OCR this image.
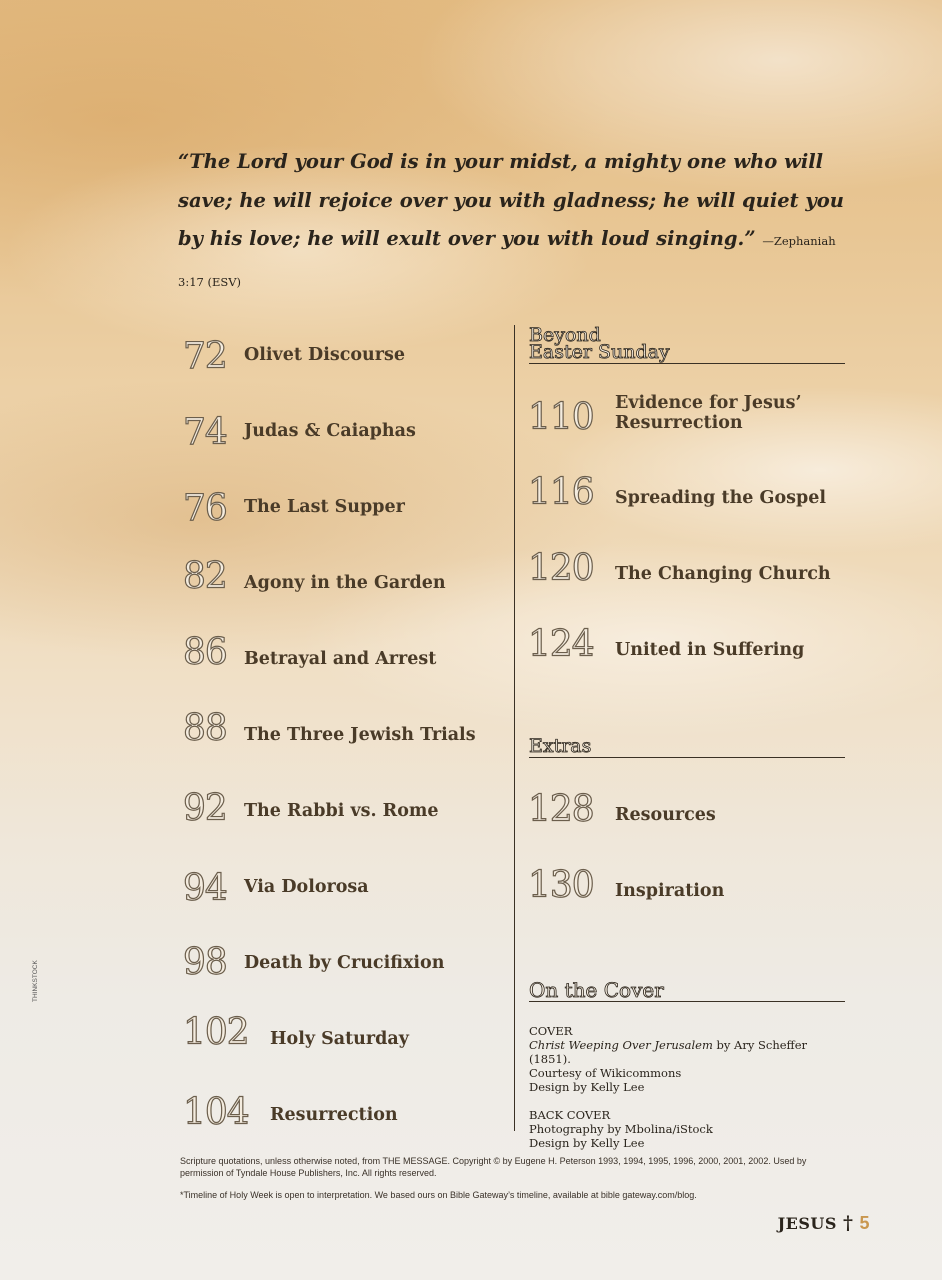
“The Lord your God is in your midst, a mighty one who will save; he will rejoice over you with gladness; he will quiet you by his love; he will exult over you with loud singing.” —Zephaniah 3:17 (ESV)

72 Olivet Discourse
74 Judas & Caiaphas
76 The Last Supper
82 Agony in the Garden
86 Betrayal and Arrest
88 The Three Jewish Trials
92 The Rabbi vs. Rome
94 Via Dolorosa
98 Death by Crucifixion
102 Holy Saturday
104 Resurrection
Beyond
Easter Sunday
110 Evidence for Jesus’
Resurrection
116 Spreading the Gospel
120 The Changing Church
124 United in Suffering
Extras
128 Resources
130 Inspiration
On the Cover
COVER
Christ Weeping Over Jerusalem by Ary Scheffer (1851).
Courtesy of Wikicommons
Design by Kelly Lee
BACK COVER
Photography by Mbolina/iStock
Design by Kelly Lee
Scripture quotations, unless otherwise noted, from THE MESSAGE. Copyright © by Eugene H. Peterson 1993, 1994, 1995, 1996, 2000, 2001, 2002. Used by permission of Tyndale House Publishers, Inc. All rights reserved.
*Timeline of Holy Week is open to interpretation. We based ours on Bible Gateway’s timeline, available at bible gateway.com/blog.
THINKSTOCK
JESUS † 5
